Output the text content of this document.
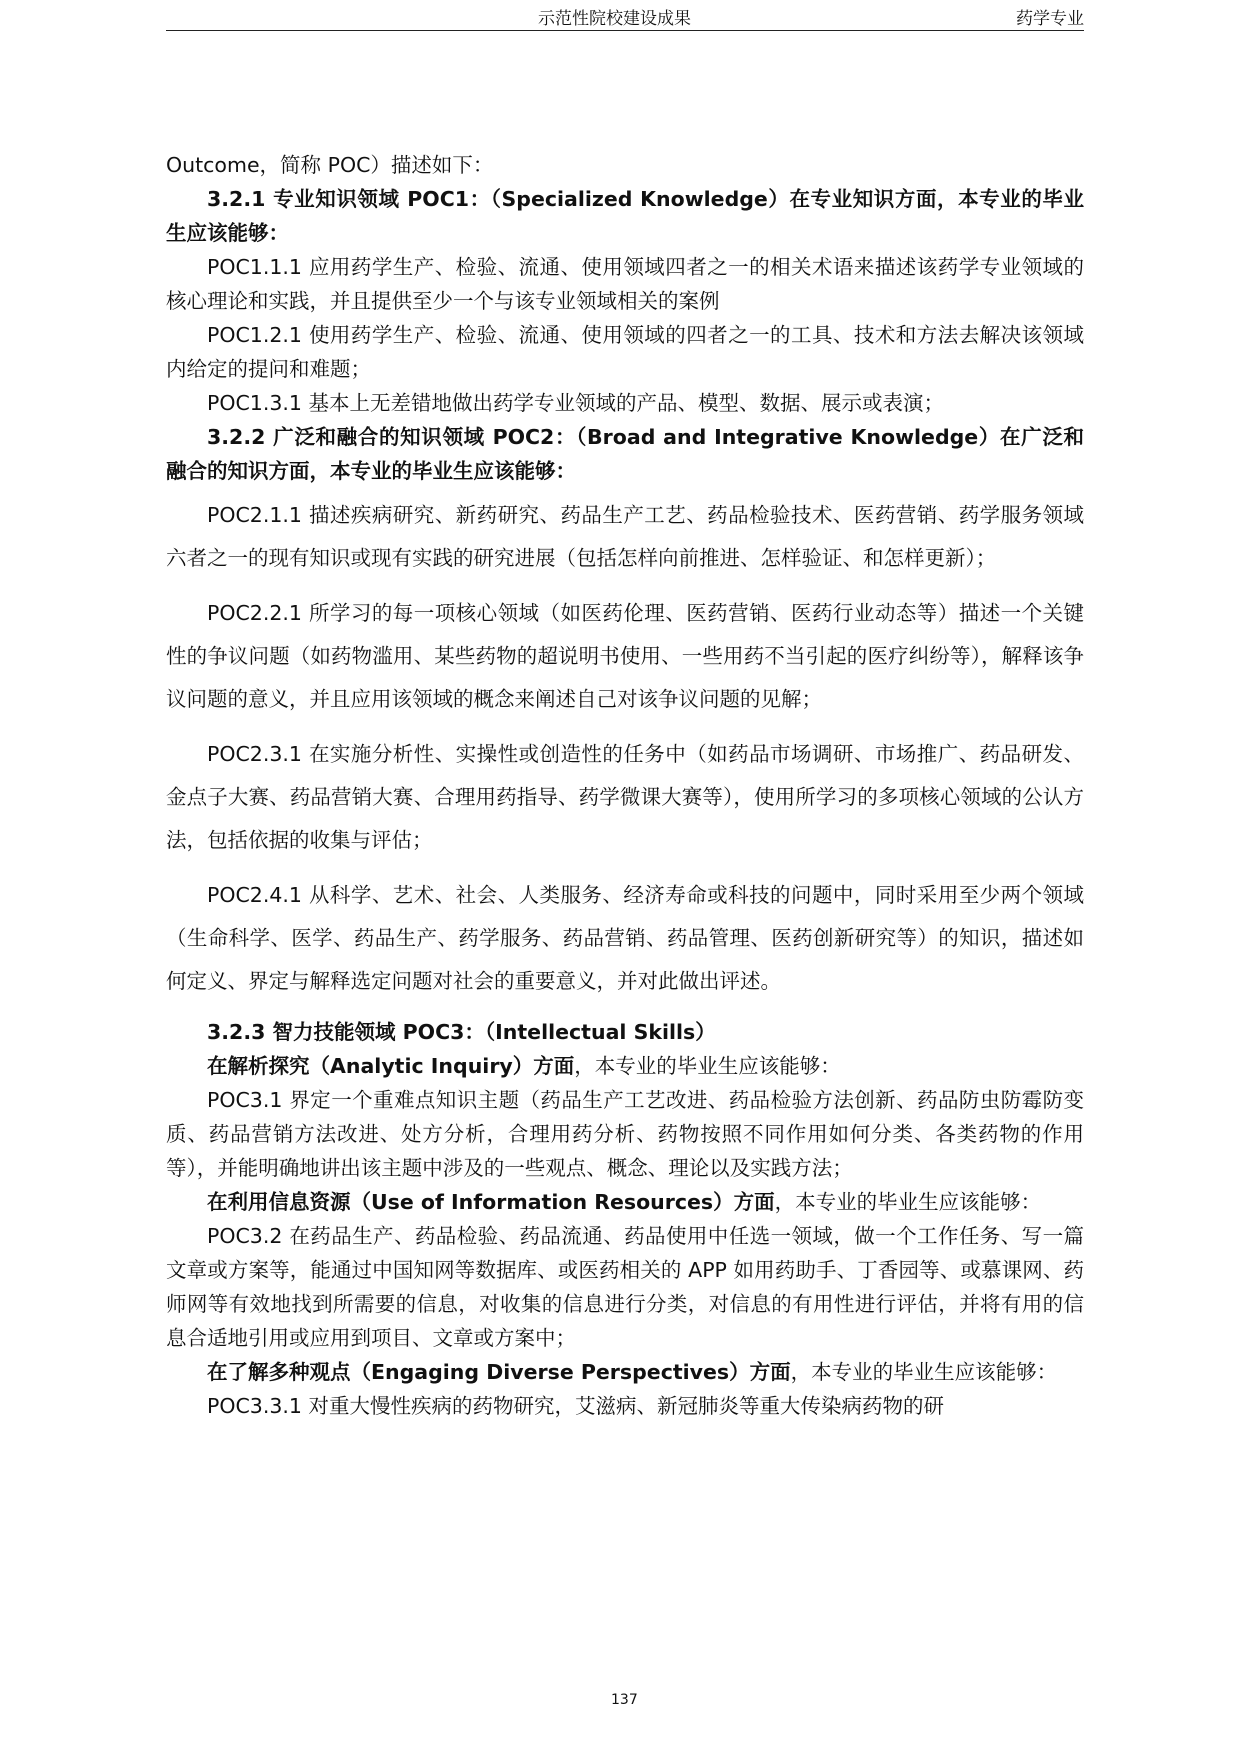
示范性院校建设成果	药学专业

Outcome，简称 POC）描述如下：

3.2.1 专业知识领域 POC1：（Specialized Knowledge）在专业知识方面，本专业的毕业生应该能够：

POC1.1.1 应用药学生产、检验、流通、使用领域四者之一的相关术语来描述该药学专业领域的核心理论和实践，并且提供至少一个与该专业领域相关的案例

POC1.2.1 使用药学生产、检验、流通、使用领域的四者之一的工具、技术和方法去解决该领域内给定的提问和难题；

POC1.3.1 基本上无差错地做出药学专业领域的产品、模型、数据、展示或表演；

3.2.2 广泛和融合的知识领域 POC2：（Broad and Integrative Knowledge）在广泛和融合的知识方面，本专业的毕业生应该能够：

POC2.1.1 描述疾病研究、新药研究、药品生产工艺、药品检验技术、医药营销、药学服务领域六者之一的现有知识或现有实践的研究进展（包括怎样向前推进、怎样验证、和怎样更新）；

POC2.2.1 所学习的每一项核心领域（如医药伦理、医药营销、医药行业动态等）描述一个关键性的争议问题（如药物滥用、某些药物的超说明书使用、一些用药不当引起的医疗纠纷等），解释该争议问题的意义，并且应用该领域的概念来阐述自己对该争议问题的见解；

POC2.3.1 在实施分析性、实操性或创造性的任务中（如药品市场调研、市场推广、药品研发、金点子大赛、药品营销大赛、合理用药指导、药学微课大赛等），使用所学习的多项核心领域的公认方法，包括依据的收集与评估；

POC2.4.1 从科学、艺术、社会、人类服务、经济寿命或科技的问题中，同时采用至少两个领域（生命科学、医学、药品生产、药学服务、药品营销、药品管理、医药创新研究等）的知识，描述如何定义、界定与解释选定问题对社会的重要意义，并对此做出评述。

3.2.3 智力技能领域 POC3：（Intellectual Skills）

在解析探究（Analytic Inquiry）方面，本专业的毕业生应该能够：

POC3.1 界定一个重难点知识主题（药品生产工艺改进、药品检验方法创新、药品防虫防霉防变质、药品营销方法改进、处方分析，合理用药分析、药物按照不同作用如何分类、各类药物的作用等），并能明确地讲出该主题中涉及的一些观点、概念、理论以及实践方法；

在利用信息资源（Use of Information Resources）方面，本专业的毕业生应该能够：

POC3.2 在药品生产、药品检验、药品流通、药品使用中任选一领域，做一个工作任务、写一篇文章或方案等，能通过中国知网等数据库、或医药相关的 APP 如用药助手、丁香园等、或慕课网、药师网等有效地找到所需要的信息，对收集的信息进行分类，对信息的有用性进行评估，并将有用的信息合适地引用或应用到项目、文章或方案中；

在了解多种观点（Engaging Diverse Perspectives）方面，本专业的毕业生应该能够：

POC3.3.1 对重大慢性疾病的药物研究，艾滋病、新冠肺炎等重大传染病药物的研

137
